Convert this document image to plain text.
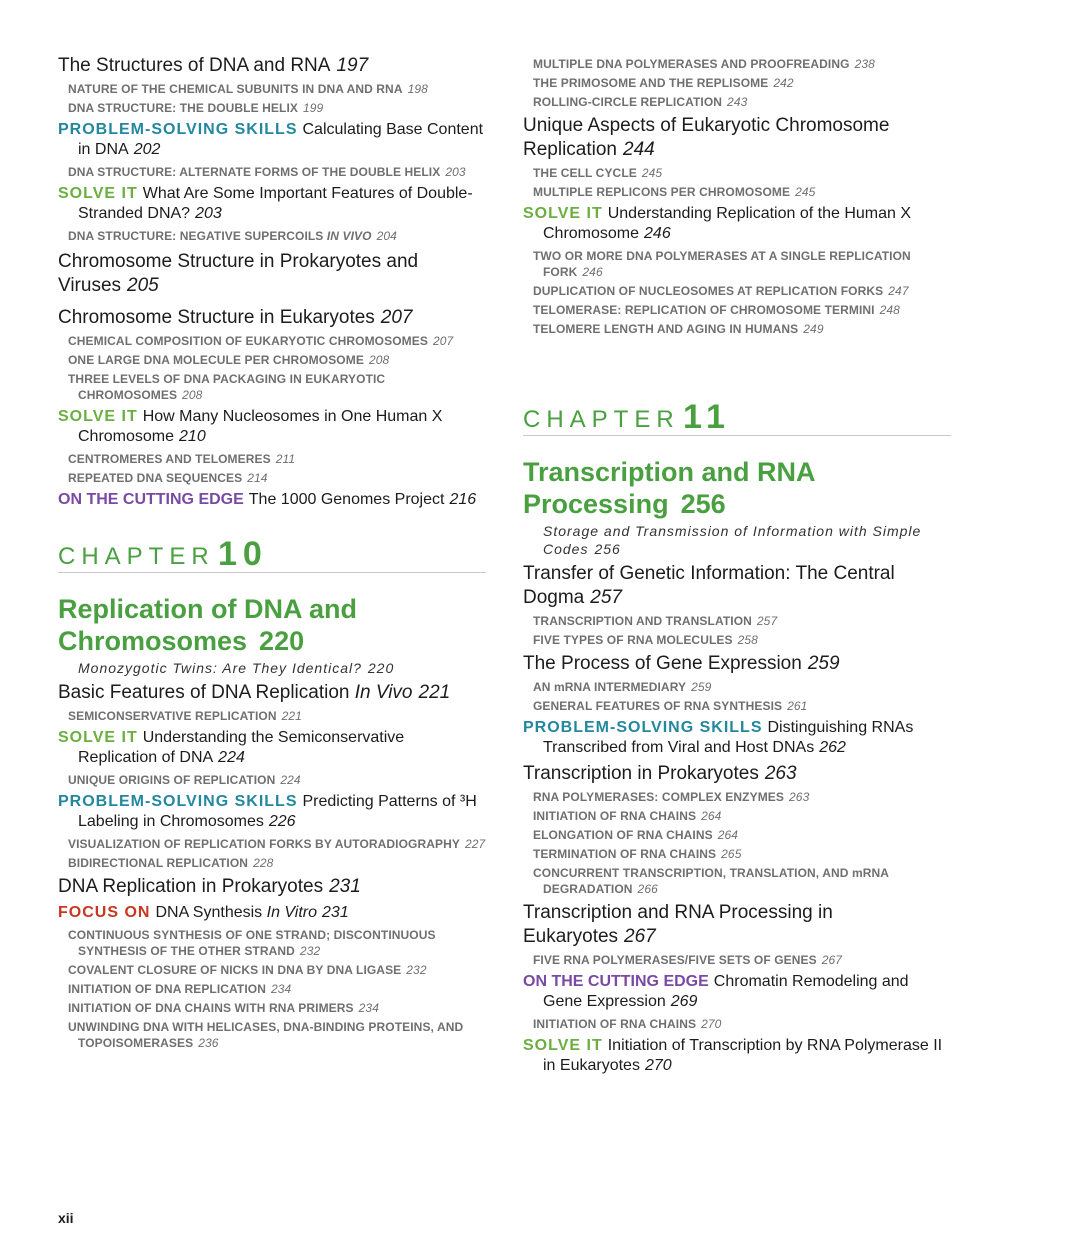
The Structures of DNA and RNA 197
NATURE OF THE CHEMICAL SUBUNITS IN DNA AND RNA 198
DNA STRUCTURE: THE DOUBLE HELIX 199
PROBLEM-SOLVING SKILLS Calculating Base Content in DNA 202
DNA STRUCTURE: ALTERNATE FORMS OF THE DOUBLE HELIX 203
SOLVE IT What Are Some Important Features of Double-Stranded DNA? 203
DNA STRUCTURE: NEGATIVE SUPERCOILS IN VIVO 204
Chromosome Structure in Prokaryotes and Viruses 205
Chromosome Structure in Eukaryotes 207
CHEMICAL COMPOSITION OF EUKARYOTIC CHROMOSOMES 207
ONE LARGE DNA MOLECULE PER CHROMOSOME 208
THREE LEVELS OF DNA PACKAGING IN EUKARYOTIC CHROMOSOMES 208
SOLVE IT How Many Nucleosomes in One Human X Chromosome 210
CENTROMERES AND TELOMERES 211
REPEATED DNA SEQUENCES 214
ON THE CUTTING EDGE The 1000 Genomes Project 216
CHAPTER 10
Replication of DNA and Chromosomes 220
Monozygotic Twins: Are They Identical? 220
Basic Features of DNA Replication In Vivo 221
SEMICONSERVATIVE REPLICATION 221
SOLVE IT Understanding the Semiconservative Replication of DNA 224
UNIQUE ORIGINS OF REPLICATION 224
PROBLEM-SOLVING SKILLS Predicting Patterns of ³H Labeling in Chromosomes 226
VISUALIZATION OF REPLICATION FORKS BY AUTORADIOGRAPHY 227
BIDIRECTIONAL REPLICATION 228
DNA Replication in Prokaryotes 231
FOCUS ON DNA Synthesis In Vitro 231
CONTINUOUS SYNTHESIS OF ONE STRAND; DISCONTINUOUS SYNTHESIS OF THE OTHER STRAND 232
COVALENT CLOSURE OF NICKS IN DNA BY DNA LIGASE 232
INITIATION OF DNA REPLICATION 234
INITIATION OF DNA CHAINS WITH RNA PRIMERS 234
UNWINDING DNA WITH HELICASES, DNA-BINDING PROTEINS, AND TOPOISOMERASES 236
MULTIPLE DNA POLYMERASES AND PROOFREADING 238
THE PRIMOSOME AND THE REPLISOME 242
ROLLING-CIRCLE REPLICATION 243
Unique Aspects of Eukaryotic Chromosome Replication 244
THE CELL CYCLE 245
MULTIPLE REPLICONS PER CHROMOSOME 245
SOLVE IT Understanding Replication of the Human X Chromosome 246
TWO OR MORE DNA POLYMERASES AT A SINGLE REPLICATION FORK 246
DUPLICATION OF NUCLEOSOMES AT REPLICATION FORKS 247
TELOMERASE: REPLICATION OF CHROMOSOME TERMINI 248
TELOMERE LENGTH AND AGING IN HUMANS 249
CHAPTER 11
Transcription and RNA Processing 256
Storage and Transmission of Information with Simple Codes 256
Transfer of Genetic Information: The Central Dogma 257
TRANSCRIPTION AND TRANSLATION 257
FIVE TYPES OF RNA MOLECULES 258
The Process of Gene Expression 259
AN mRNA INTERMEDIARY 259
GENERAL FEATURES OF RNA SYNTHESIS 261
PROBLEM-SOLVING SKILLS Distinguishing RNAs Transcribed from Viral and Host DNAs 262
Transcription in Prokaryotes 263
RNA POLYMERASES: COMPLEX ENZYMES 263
INITIATION OF RNA CHAINS 264
ELONGATION OF RNA CHAINS 264
TERMINATION OF RNA CHAINS 265
CONCURRENT TRANSCRIPTION, TRANSLATION, AND mRNA DEGRADATION 266
Transcription and RNA Processing in Eukaryotes 267
FIVE RNA POLYMERASES/FIVE SETS OF GENES 267
ON THE CUTTING EDGE Chromatin Remodeling and Gene Expression 269
INITIATION OF RNA CHAINS 270
SOLVE IT Initiation of Transcription by RNA Polymerase II in Eukaryotes 270
xii
